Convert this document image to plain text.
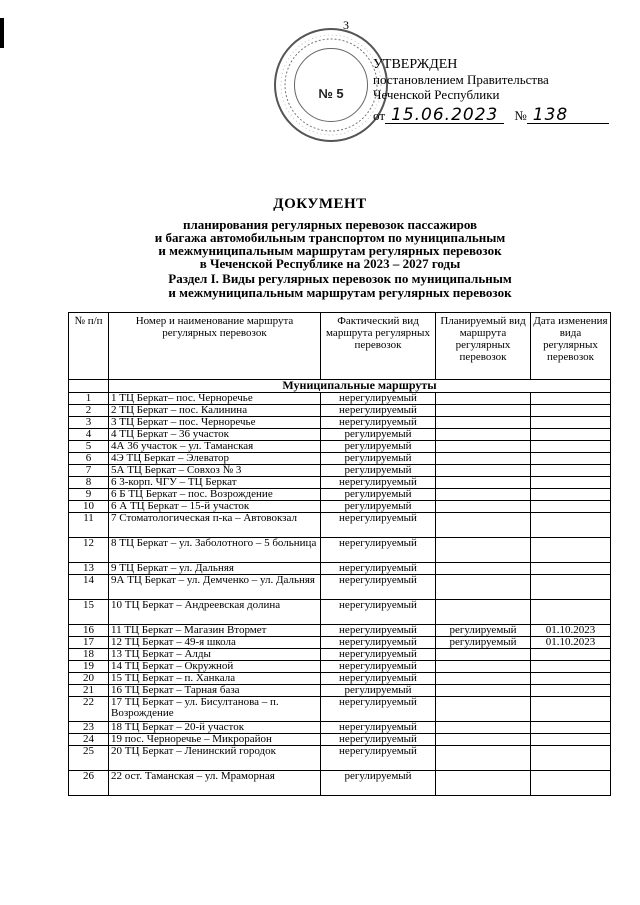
3
№ 5
УТВЕРЖДЕН
постановлением Правительства
Чеченской Республики
от 15.06.2023	№ 138
ДОКУМЕНТ
планирования регулярных перевозок пассажиров
и багажа автомобильным транспортом по муниципальным
и межмуниципальным маршрутам регулярных перевозок
в Чеченской Республике на 2023 – 2027 годы
Раздел I. Виды регулярных перевозок по муниципальным
и межмуниципальным маршрутам регулярных перевозок
№ п/п	Номер и наименование маршрута регулярных перевозок	Фактический вид маршрута регулярных перевозок	Планируемый вид маршрута регулярных перевозок	Дата изменения вида регулярных перевозок
	Муниципальные маршруты			
1	1 ТЦ Беркат– пос. Черноречье	нерегулируемый		
2	2 ТЦ Беркат – пос. Калинина	нерегулируемый		
3	3 ТЦ Беркат – пос. Черноречье	нерегулируемый		
4	4 ТЦ Беркат – 36 участок	регулируемый		
5	4А 36 участок – ул. Таманская	регулируемый		
6	4Э ТЦ Беркат – Элеватор	регулируемый		
7	5А ТЦ Беркат – Совхоз № 3	регулируемый		
8	6 3-корп. ЧГУ – ТЦ Беркат	нерегулируемый		
9	6 Б ТЦ Беркат – пос. Возрождение	регулируемый		
10	6 А ТЦ Беркат – 15-й участок	регулируемый		
11	7 Стоматологическая п-ка – Автовокзал	нерегулируемый		
12	8 ТЦ Беркат – ул. Заболотного – 5 больница	нерегулируемый		
13	9 ТЦ Беркат – ул. Дальняя	нерегулируемый		
14	9А ТЦ Беркат – ул. Демченко – ул. Дальняя	нерегулируемый		
15	10 ТЦ Беркат – Андреевская долина	нерегулируемый		
16	11 ТЦ Беркат – Магазин Втормет	нерегулируемый	регулируемый	01.10.2023
17	12 ТЦ Беркат – 49-я школа	нерегулируемый	регулируемый	01.10.2023
18	13 ТЦ Беркат – Алды	нерегулируемый		
19	14 ТЦ Беркат – Окружной	нерегулируемый		
20	15 ТЦ Беркат – п. Ханкала	нерегулируемый		
21	16 ТЦ Беркат – Тарная база	регулируемый		
22	17 ТЦ Беркат – ул. Бисултанова – п. Возрождение	нерегулируемый		
23	18 ТЦ Беркат – 20-й участок	нерегулируемый		
24	19 пос. Черноречье – Микрорайон	нерегулируемый		
25	20 ТЦ Беркат – Ленинский городок	нерегулируемый		
26	22 ост. Таманская – ул. Мраморная	регулируемый		
